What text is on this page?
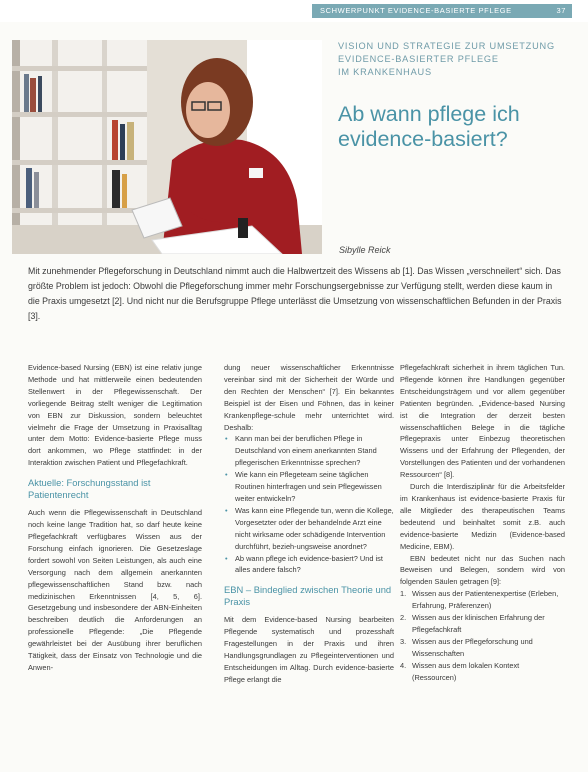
SCHWERPUNKT EVIDENCE-BASIERTE PFLEGE	37
VISION UND STRATEGIE ZUR UMSETZUNG
EVIDENCE-BASIERTER PFLEGE
IM KRANKENHAUS
Ab wann pflege ich
evidence-basiert?
Sibylle Reick

Mit zunehmender Pflegeforschung in Deutschland nimmt auch die Halbwertzeit des Wissens ab [1]. Das Wissen „verschneilert“ sich. Das größte Problem ist jedoch: Obwohl die Pflegeforschung immer mehr Forschungsergebnisse zur Verfügung stellt, werden diese kaum in die Praxis umgesetzt [2]. Und nicht nur die Berufsgruppe Pflege unterlässt die Umsetzung von wissenschaftlichen Befunden in der Praxis [3].

Evidence-based Nursing (EBN) ist eine relativ junge Methode und hat mittlerweile einen bedeutenden Stellenwert in der Pflegewissenschaft. Der vorliegende Beitrag stellt weniger die Legitimation von EBN zur Diskussion, sondern beleuchtet vielmehr die Frage der Umsetzung in Praxisalltag unter dem Motto: Evidence-basierte Pflege muss dort ankommen, wo Pflege stattfindet: in der Interaktion zwischen Patient und Pflegefachkraft.

Aktuelle: Forschungsstand ist Patientenrecht

Auch wenn die Pflegewissenschaft in Deutschland noch keine lange Tradition hat, so darf heute keine Pflegefachkraft verfügbares Wissen aus der Forschung einfach ignorieren. Die Gesetzeslage fordert sowohl von Seiten Leistungen, als auch eine Versorgung nach dem allgemein anerkannten pflegewissenschaftlichen Stand bzw. nach medizinischen Erkenntnissen [4, 5, 6]. Gesetzgebung und insbesondere der ABN-Einheiten beschreiben deutlich die Anforderungen an professionelle Pflegende: „Die Pflegende gewährleistet bei der Ausübung ihrer beruflichen Tätigkeit, dass der Einsatz von Technologie und die Anwen-

dung neuer wissenschaftlicher Erkenntnisse vereinbar sind mit der Sicherheit der Würde und den Rechten der Menschen“ [7]. Ein bekanntes Beispiel ist der Eisen und Föhnen, das in keiner Krankenpflege-schule mehr unterrichtet wird. Deshalb:

• Kann man bei der beruflichen Pflege in Deutschland von einem anerkannten Stand pflegerischen Erkenntnisse sprechen?
• Wie kann ein Pflegeteam seine täglichen Routinen hinterfragen und sein Pflegewissen weiter entwickeln?
• Was kann eine Pflegende tun, wenn die Kollege, Vorgesetzter oder der behandelnde Arzt eine nicht wirksame oder schädigende Intervention durchführt, bezieh-ungsweise anordnet?
• Ab wann pflege ich evidence-basiert? Und ist alles andere falsch?
EBN – Bindeglied zwischen Theorie und Praxis

Mit dem Evidence-based Nursing bearbeiten Pflegende systematisch und prozesshaft Fragestellungen in der Praxis und ihren Handlungsgrundlagen zu Pflegeinterventionen und Entscheidungen im Alltag. Durch evidence-basierte Pflege erlangt die

Pflegefachkraft sicherheit in ihrem täglichen Tun. Pflegende können ihre Handlungen gegenüber Entscheidungsträgern und vor allem gegenüber Patienten begründen. „Evidence-based Nursing ist die Integration der derzeit besten wissenschaftlichen Belege in die tägliche Pflegepraxis unter Einbezug theoretischen Wissens und der Erfahrung der Pflegenden, der Vorstellungen des Patienten und der vorhandenen Ressourcen“ [8].

Durch die Interdisziplinär für die Arbeitsfelder im Krankenhaus ist evidence-basierte Praxis für alle Mitglieder des therapeutischen Teams bedeutend und beinhaltet somit z.B. auch evidence-basierte Medizin (Evidence-based Medicine, EBM).

EBN bedeutet nicht nur das Suchen nach Beweisen und Belegen, sondern wird von folgenden Säulen getragen [9]:

1. Wissen aus der Patientenexpertise (Erleben, Erfahrung, Präferenzen)
2. Wissen aus der klinischen Erfahrung der Pflegefachkraft
3. Wissen aus der Pflegeforschung und Wissenschaften
4. Wissen aus dem lokalen Kontext (Ressourcen)
